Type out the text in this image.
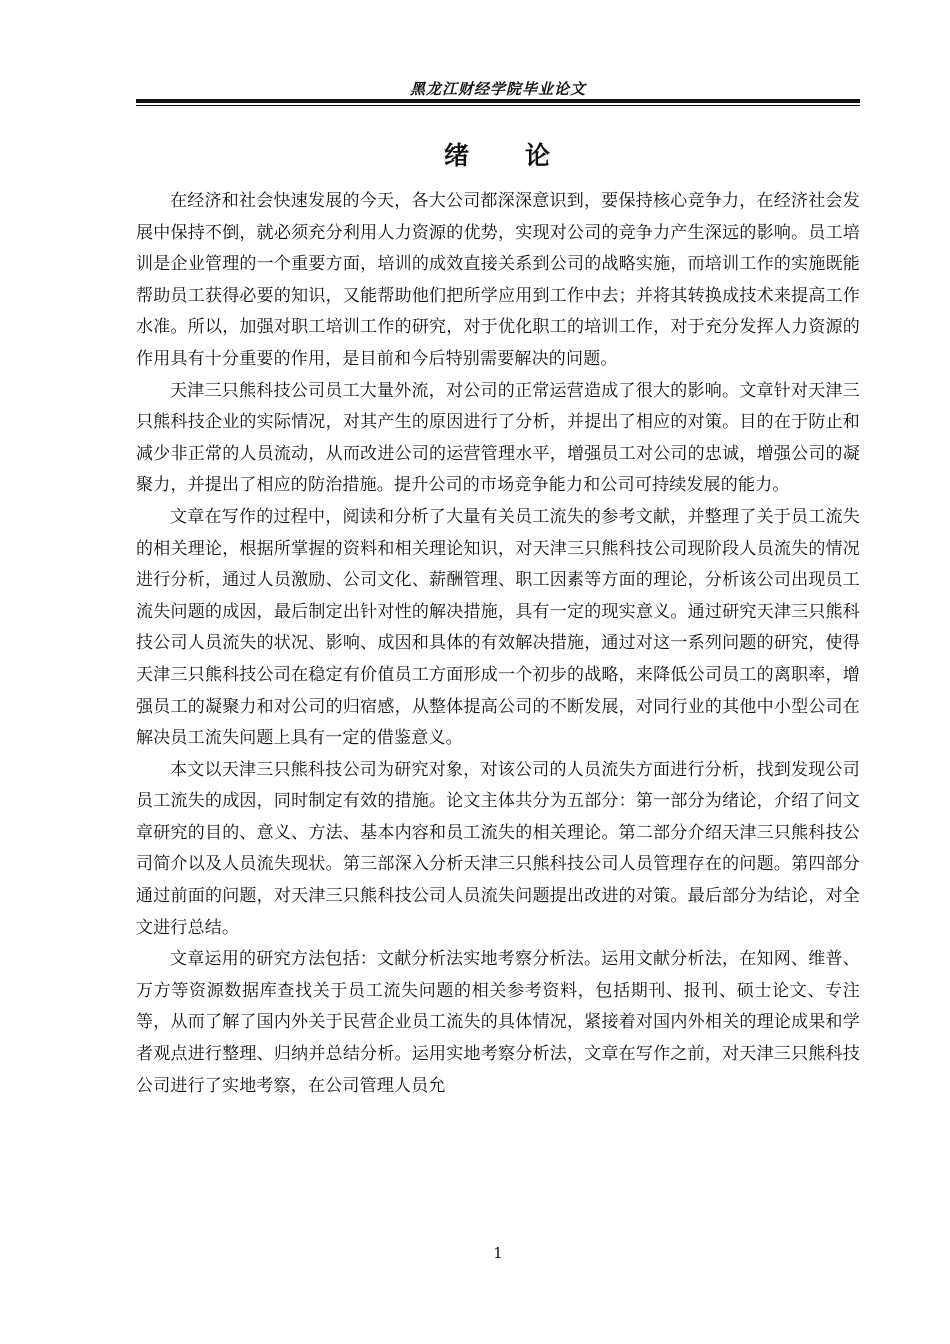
黑龙江财经学院毕业论文
绪　　论

在经济和社会快速发展的今天，各大公司都深深意识到，要保持核心竞争力，在经济社会发展中保持不倒，就必须充分利用人力资源的优势，实现对公司的竞争力产生深远的影响。员工培训是企业管理的一个重要方面，培训的成效直接关系到公司的战略实施，而培训工作的实施既能帮助员工获得必要的知识，又能帮助他们把所学应用到工作中去；并将其转换成技术来提高工作水准。所以，加强对职工培训工作的研究，对于优化职工的培训工作，对于充分发挥人力资源的作用具有十分重要的作用，是目前和今后特别需要解决的问题。

天津三只熊科技公司员工大量外流，对公司的正常运营造成了很大的影响。文章针对天津三只熊科技企业的实际情况，对其产生的原因进行了分析，并提出了相应的对策。目的在于防止和减少非正常的人员流动，从而改进公司的运营管理水平，增强员工对公司的忠诚，增强公司的凝聚力，并提出了相应的防治措施。提升公司的市场竞争能力和公司可持续发展的能力。

文章在写作的过程中，阅读和分析了大量有关员工流失的参考文献，并整理了关于员工流失的相关理论，根据所掌握的资料和相关理论知识，对天津三只熊科技公司现阶段人员流失的情况进行分析，通过人员激励、公司文化、薪酬管理、职工因素等方面的理论，分析该公司出现员工流失问题的成因，最后制定出针对性的解决措施，具有一定的现实意义。通过研究天津三只熊科技公司人员流失的状况、影响、成因和具体的有效解决措施，通过对这一系列问题的研究，使得天津三只熊科技公司在稳定有价值员工方面形成一个初步的战略，来降低公司员工的离职率，增强员工的凝聚力和对公司的归宿感，从整体提高公司的不断发展，对同行业的其他中小型公司在解决员工流失问题上具有一定的借鉴意义。

本文以天津三只熊科技公司为研究对象，对该公司的人员流失方面进行分析，找到发现公司员工流失的成因，同时制定有效的措施。论文主体共分为五部分：第一部分为绪论，介绍了问文章研究的目的、意义、方法、基本内容和员工流失的相关理论。第二部分介绍天津三只熊科技公司简介以及人员流失现状。第三部深入分析天津三只熊科技公司人员管理存在的问题。第四部分通过前面的问题，对天津三只熊科技公司人员流失问题提出改进的对策。最后部分为结论，对全文进行总结。

文章运用的研究方法包括：文献分析法实地考察分析法。运用文献分析法，在知网、维普、万方等资源数据库查找关于员工流失问题的相关参考资料，包括期刊、报刊、硕士论文、专注等，从而了解了国内外关于民营企业员工流失的具体情况，紧接着对国内外相关的理论成果和学者观点进行整理、归纳并总结分析。运用实地考察分析法，文章在写作之前，对天津三只熊科技公司进行了实地考察，在公司管理人员允

1
